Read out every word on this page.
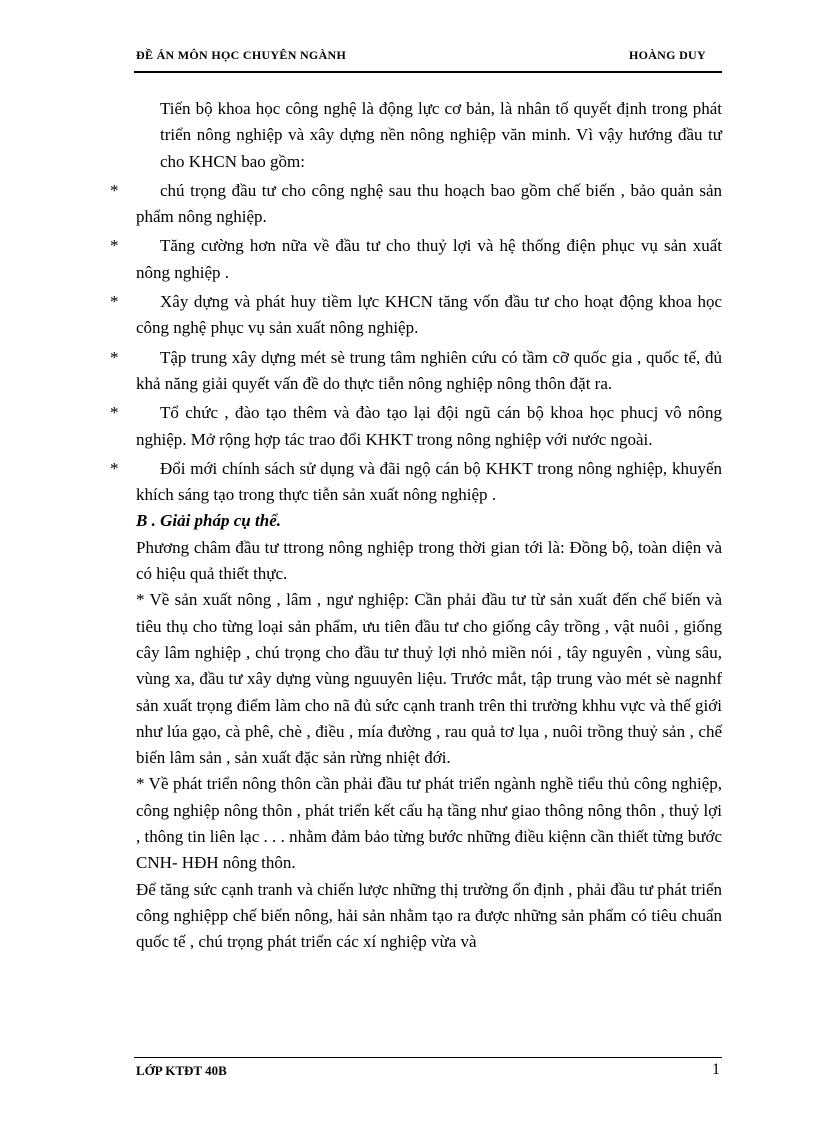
ĐỀ ÁN MÔN HỌC CHUYÊN NGÀNH	HOÀNG DUY

Tiến bộ khoa học công nghệ là động lực cơ bản, là nhân tố quyết định trong phát triển nông nghiệp và xây dựng nền nông nghiệp văn minh. Vì vậy hướng đầu tư cho KHCN bao gồm:

* chú trọng đầu tư cho công nghệ sau thu hoạch bao gồm chế biến , bảo quản sản phẩm nông nghiệp.

* Tăng cường hơn nữa về đầu tư cho thuỷ lợi và hệ thống điện phục vụ sản xuất nông nghiệp .

* Xây dựng và phát huy tiềm lực KHCN tăng vốn đầu tư cho hoạt động khoa học công nghệ phục vụ sản xuất nông nghiệp.

* Tập trung xây dựng mét sè trung tâm nghiên cứu có tầm cỡ quốc gia , quốc tế, đủ khả năng giải quyết vấn đề do thực tiễn nông nghiệp nông thôn đặt ra.

* Tổ chức , đào tạo thêm và đào tạo lại đội ngũ cán bộ khoa học phucj vô nông nghiệp. Mở rộng hợp tác trao đổi KHKT trong nông nghiệp với nước ngoài.

* Đổi mới chính sách sử dụng và đãi ngộ cán bộ KHKT trong nông nghiệp, khuyến khích sáng tạo trong thực tiễn sản xuất nông nghiệp .

B . Giải pháp cụ thể.

Phương châm đầu tư ttrong nông nghiệp trong thời gian tới là: Đồng bộ, toàn diện và có hiệu quả thiết thực.

* Về sản xuất nông , lâm , ngư nghiệp: Cần phải đầu tư từ sản xuất đến chế biến và tiêu thụ cho từng loại sản phẩm, ưu tiên đầu tư cho giống cây trồng , vật nuôi , giống cây lâm nghiệp , chú trọng cho đầu tư thuỷ lợi nhỏ miền nói , tây nguyên , vùng sâu, vùng xa, đầu tư xây dựng vùng nguuyên liệu. Trước mắt, tập trung vào mét sè nagnhf sản xuất trọng điểm làm cho nã đủ sức cạnh tranh trên thi trường khhu vực và thế giới như lúa gạo, cà phê, chè , điều , mía đường , rau quả tơ lụa , nuôi trồng thuỷ sản , chế biến lâm sản , sản xuất đặc sản rừng nhiệt đới.

* Về phát triển nông thôn cần phải đầu tư phát triển ngành nghề tiểu thủ công nghiệp, công nghiệp nông thôn , phát triển kết cấu hạ tầng như giao thông nông thôn , thuỷ lợi , thông tin liên lạc . . . nhằm đảm bảo từng bước những điều kiệnn cần thiết từng bước CNH- HĐH nông thôn.

Để tăng sức cạnh tranh và chiến lược những thị trường ổn định , phải đầu tư phát triển công nghiệpp chế biến nông, hải sản nhằm tạo ra được những sản phẩm có tiêu chuẩn quốc tế , chú trọng phát triển các xí nghiệp vừa và

LỚP KTĐT 40B	1
